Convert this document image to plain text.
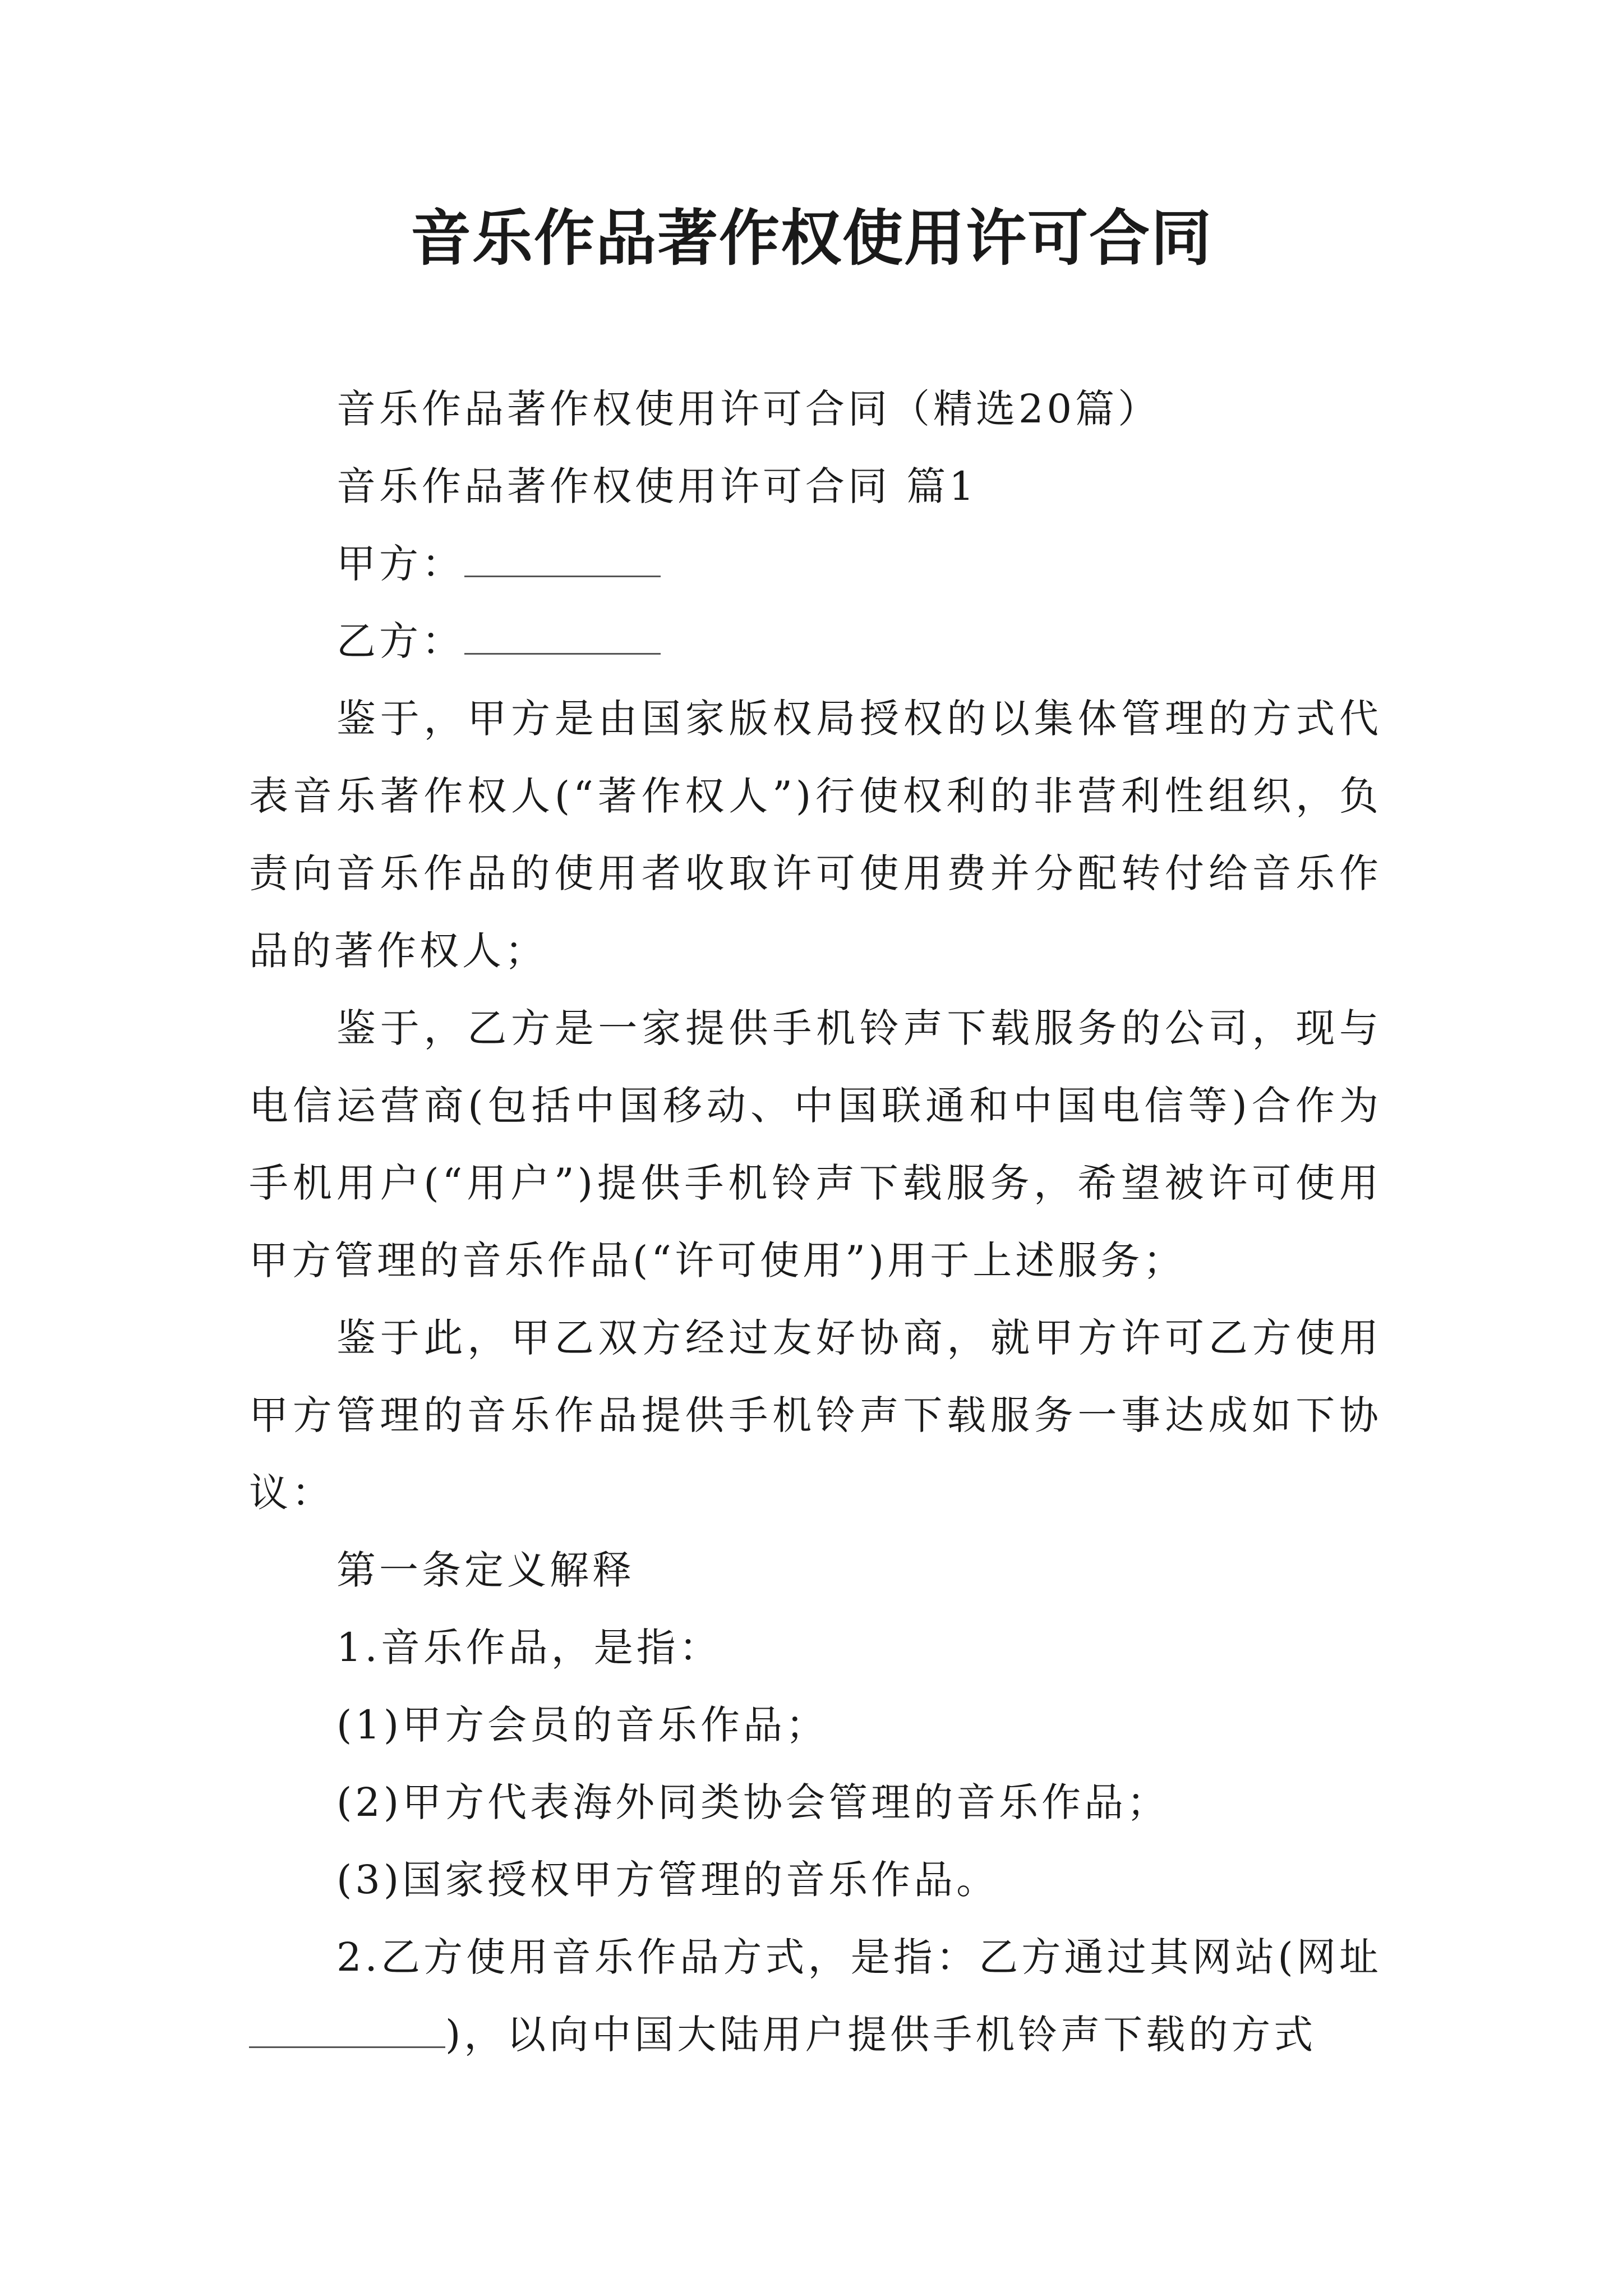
音乐作品著作权使用许可合同

音乐作品著作权使用许可合同（精选20篇）

音乐作品著作权使用许可合同 篇1

甲方：

乙方：

鉴于，甲方是由国家版权局授权的以集体管理的方式代表音乐著作权人(“著作权人”)行使权利的非营利性组织，负责向音乐作品的使用者收取许可使用费并分配转付给音乐作品的著作权人；

鉴于，乙方是一家提供手机铃声下载服务的公司，现与电信运营商(包括中国移动、中国联通和中国电信等)合作为手机用户(“用户”)提供手机铃声下载服务，希望被许可使用甲方管理的音乐作品(“许可使用”)用于上述服务；

鉴于此，甲乙双方经过友好协商，就甲方许可乙方使用甲方管理的音乐作品提供手机铃声下载服务一事达成如下协议：

第一条定义解释

1.音乐作品，是指：

(1)甲方会员的音乐作品；

(2)甲方代表海外同类协会管理的音乐作品；

(3)国家授权甲方管理的音乐作品。

2.乙方使用音乐作品方式，是指：乙方通过其网站(网址)，以向中国大陆用户提供手机铃声下载的方式
